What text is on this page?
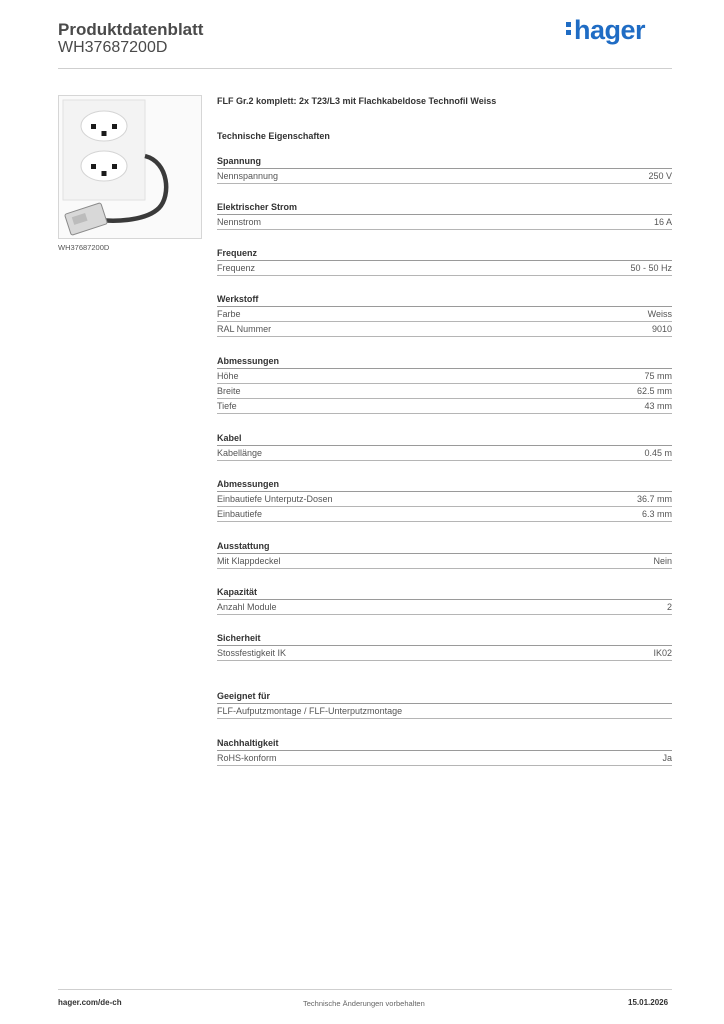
Produktdatenblatt
WH37687200D
hager
WH37687200D
FLF Gr.2 komplett: 2x T23/L3 mit Flachkabeldose Technofil Weiss
Technische Eigenschaften
Spannung
Nennspannung	250 V
Elektrischer Strom
Nennstrom	16 A
Frequenz
Frequenz	50 - 50 Hz
Werkstoff
Farbe	Weiss
RAL Nummer	9010
Abmessungen
Höhe	75 mm
Breite	62.5 mm
Tiefe	43 mm
Kabel
Kabellänge	0.45 m
Abmessungen
Einbautiefe Unterputz-Dosen	36.7 mm
Einbautiefe	6.3 mm
Ausstattung
Mit Klappdeckel	Nein
Kapazität
Anzahl Module	2
Sicherheit
Stossfestigkeit IK	IK02
Geeignet für
FLF-Aufputzmontage / FLF-Unterputzmontage
Nachhaltigkeit
RoHS-konform	Ja
hager.com/de-ch	Technische Änderungen vorbehalten	15.01.2026
